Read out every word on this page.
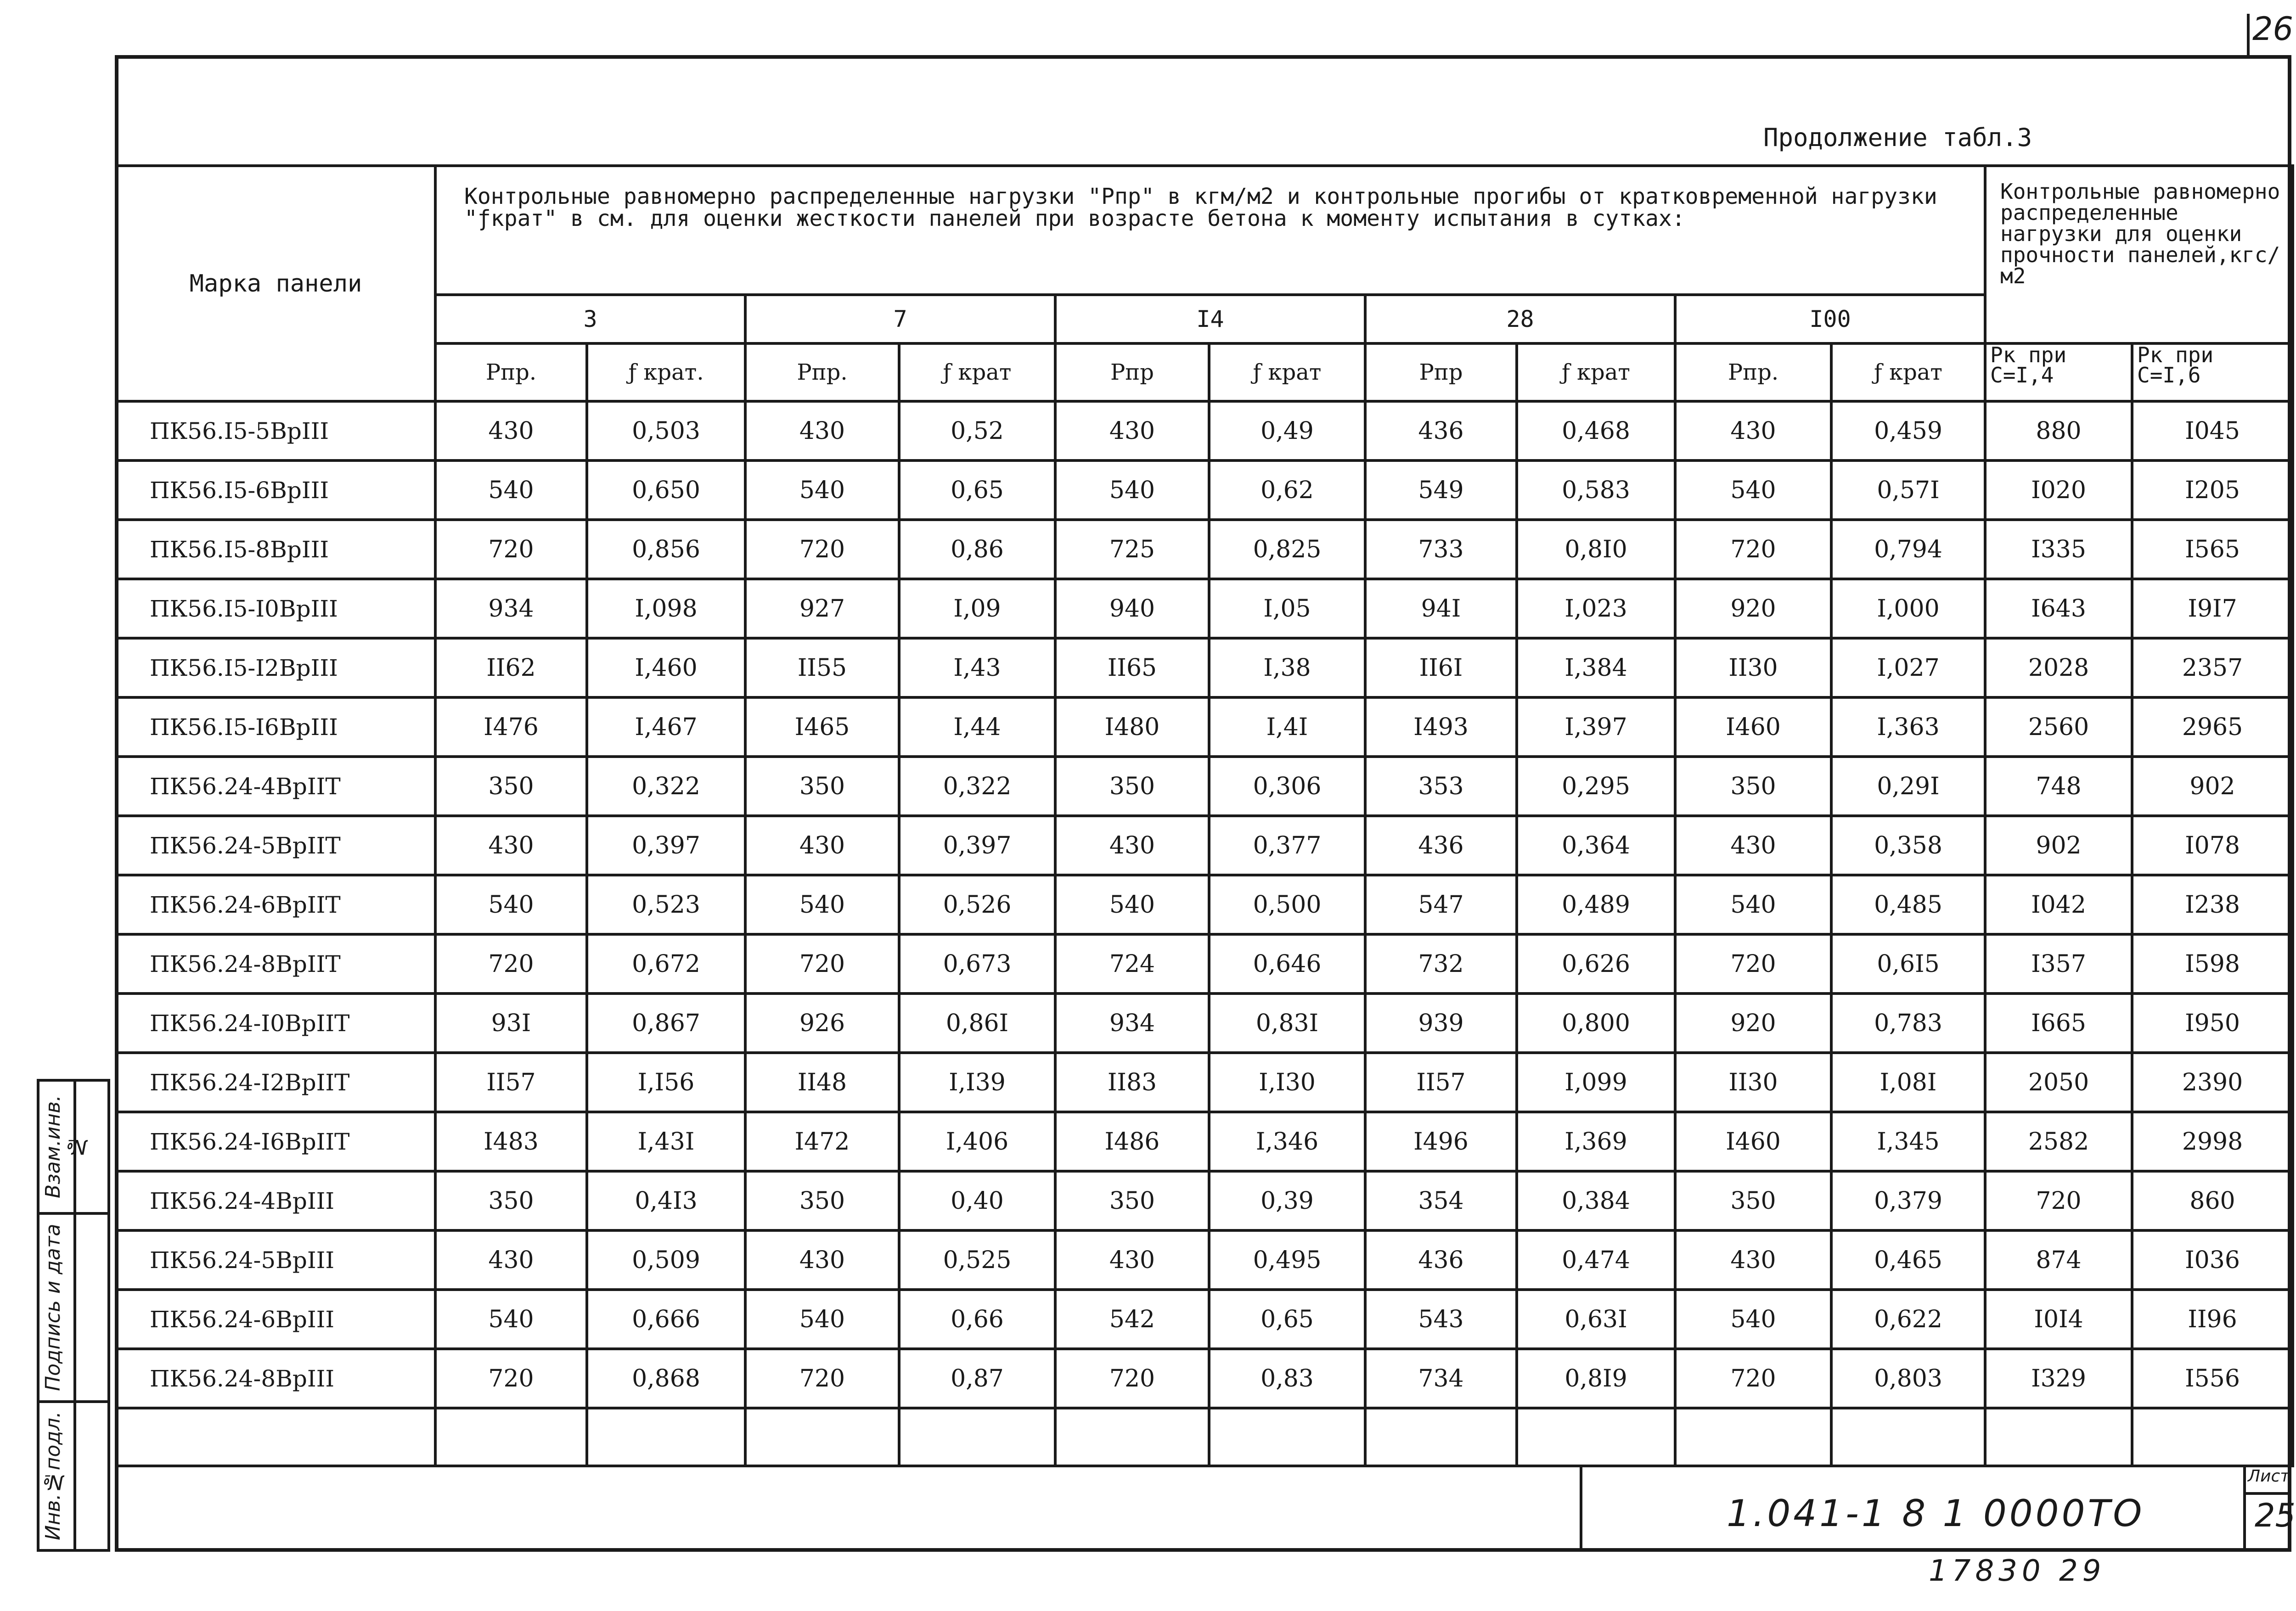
26
Продолжение табл.3
Марка панели	Контрольные равномерно распределенные нагрузки "Рпр" в кгм/м2 и контрольные прогибы от кратковременной нагрузки "ƒкрат" в см. для оценки жесткости панелей при возрасте бетона к моменту испытания в сутках:										Контрольные равномерно распределенные нагрузки для оценки прочности панелей,кгс/м2	
	3		7		I4		28		I00			
	Рпр.	ƒ крат.	Рпр.	ƒ крат	Рпр	ƒ крат	Рпр	ƒ крат	Рпр.	ƒ крат	Рк при С=I,4	Рк при С=I,6
ПК56.I5-5ВрIII	430	0,503	430	0,52	430	0,49	436	0,468	430	0,459	880	I045
ПК56.I5-6ВрIII	540	0,650	540	0,65	540	0,62	549	0,583	540	0,57I	I020	I205
ПК56.I5-8ВрIII	720	0,856	720	0,86	725	0,825	733	0,8I0	720	0,794	I335	I565
ПК56.I5-I0ВрIII	934	I,098	927	I,09	940	I,05	94I	I,023	920	I,000	I643	I9I7
ПК56.I5-I2ВрIII	II62	I,460	II55	I,43	II65	I,38	II6I	I,384	II30	I,027	2028	2357
ПК56.I5-I6ВрIII	I476	I,467	I465	I,44	I480	I,4I	I493	I,397	I460	I,363	2560	2965
ПК56.24-4ВрIIТ	350	0,322	350	0,322	350	0,306	353	0,295	350	0,29I	748	902
ПК56.24-5ВрIIТ	430	0,397	430	0,397	430	0,377	436	0,364	430	0,358	902	I078
ПК56.24-6ВрIIТ	540	0,523	540	0,526	540	0,500	547	0,489	540	0,485	I042	I238
ПК56.24-8ВрIIТ	720	0,672	720	0,673	724	0,646	732	0,626	720	0,6I5	I357	I598
ПК56.24-I0ВрIIТ	93I	0,867	926	0,86I	934	0,83I	939	0,800	920	0,783	I665	I950
ПК56.24-I2ВрIIТ	II57	I,I56	II48	I,I39	II83	I,I30	II57	I,099	II30	I,08I	2050	2390
ПК56.24-I6ВрIIТ	I483	I,43I	I472	I,406	I486	I,346	I496	I,369	I460	I,345	2582	2998
ПК56.24-4ВрIII	350	0,4I3	350	0,40	350	0,39	354	0,384	350	0,379	720	860
ПК56.24-5ВрIII	430	0,509	430	0,525	430	0,495	436	0,474	430	0,465	874	I036
ПК56.24-6ВрIII	540	0,666	540	0,66	542	0,65	543	0,63I	540	0,622	I0I4	II96
ПК56.24-8ВрIII	720	0,868	720	0,87	720	0,83	734	0,8I9	720	0,803	I329	I556

1.041-1 8 1 0000ТО
Лист
25
17830 29
Инв.№подл.
Подпись и дата
Взам.инв.№
